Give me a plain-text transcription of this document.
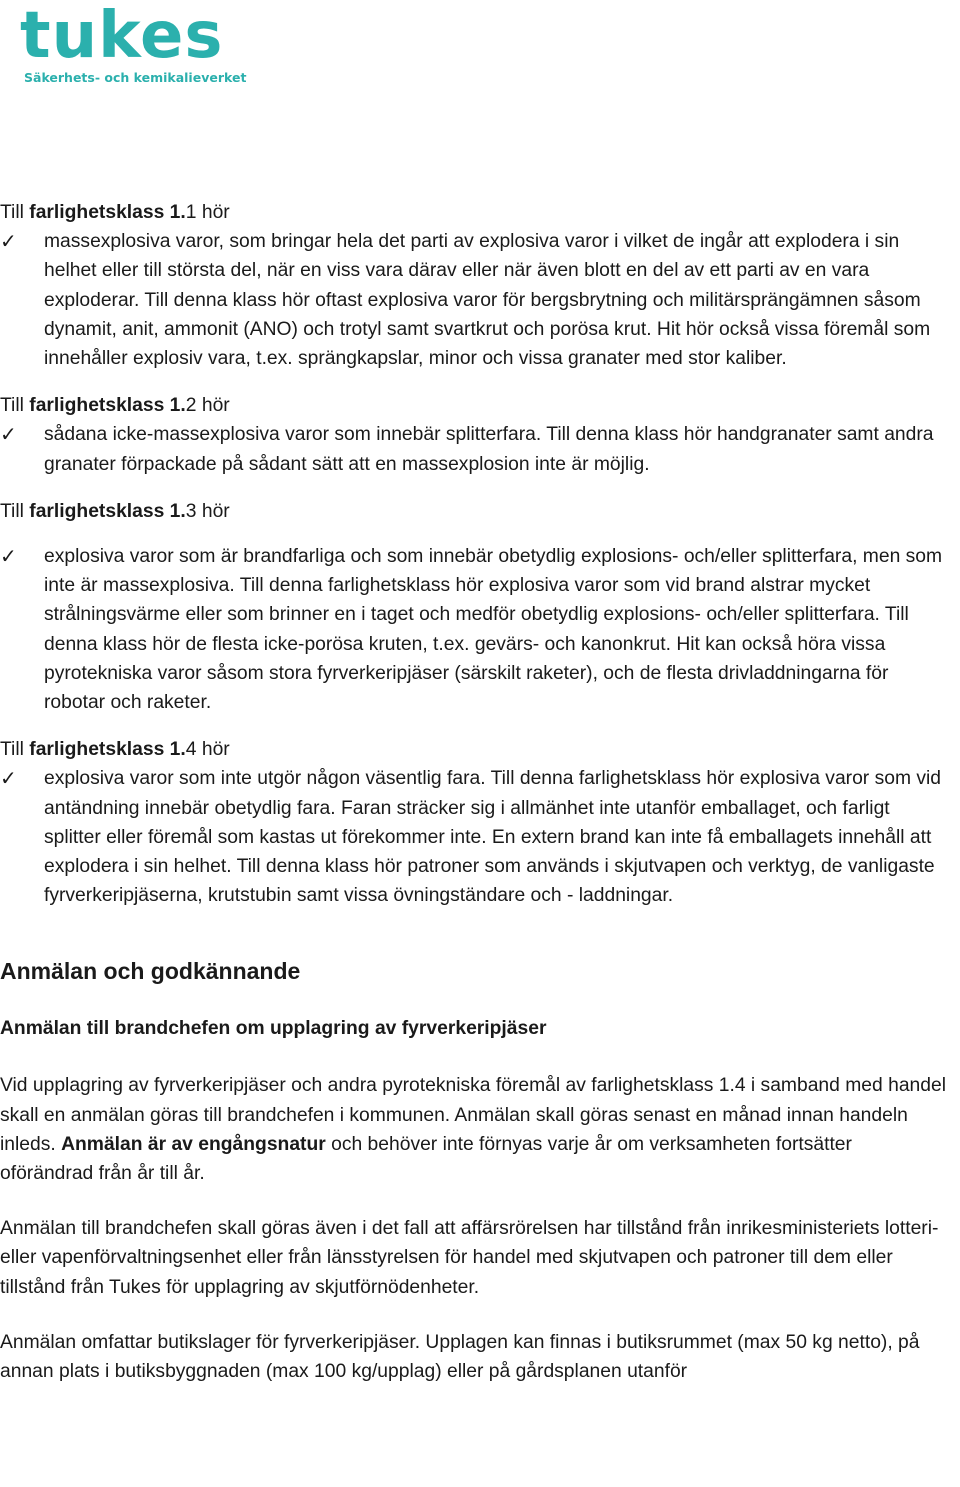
tukes
Säkerhets- och kemikalieverket

Till farlighetsklass 1.1 hör

✓	massexplosiva varor, som bringar hela det parti av explosiva varor i vilket de ingår att explodera i sin helhet eller till största del, när en viss vara därav eller när även blott en del av ett parti av en vara exploderar. Till denna klass hör oftast explosiva varor för bergsbrytning och militärsprängämnen såsom dynamit, anit, ammonit (ANO) och trotyl samt svartkrut och porösa krut. Hit hör också vissa föremål som innehåller explosiv vara, t.ex. sprängkapslar, minor och vissa granater med stor kaliber.

Till farlighetsklass 1.2 hör

✓	sådana icke-massexplosiva varor som innebär splitterfara. Till denna klass hör handgranater samt andra granater förpackade på sådant sätt att en massexplosion inte är möjlig.

Till farlighetsklass 1.3 hör

✓	explosiva varor som är brandfarliga och som innebär obetydlig explosions- och/eller splitterfara, men som inte är massexplosiva. Till denna farlighetsklass hör explosiva varor som vid brand alstrar mycket strålningsvärme eller som brinner en i taget och medför obetydlig explosions- och/eller splitterfara. Till denna klass hör de flesta icke-porösa kruten, t.ex. gevärs- och kanonkrut. Hit kan också höra vissa pyrotekniska varor såsom stora fyrverkeripjäser (särskilt raketer), och de flesta drivladdningarna för robotar och raketer.

Till farlighetsklass 1.4 hör

✓	explosiva varor som inte utgör någon väsentlig fara. Till denna farlighetsklass hör explosiva varor som vid antändning innebär obetydlig fara. Faran sträcker sig i allmänhet inte utanför emballaget, och farligt splitter eller föremål som kastas ut förekommer inte. En extern brand kan inte få emballagets innehåll att explodera i sin helhet. Till denna klass hör patroner som används i skjutvapen och verktyg, de vanligaste fyrverkeripjäserna, krutstubin samt vissa övningständare och - laddningar.
Anmälan och godkännande
Anmälan till brandchefen om upplagring av fyrverkeripjäser

Vid upplagring av fyrverkeripjäser och andra pyrotekniska föremål av farlighetsklass 1.4 i samband med handel skall en anmälan göras till brandchefen i kommunen. Anmälan skall göras senast en månad innan handeln inleds. Anmälan är av engångsnatur och behöver inte förnyas varje år om verksamheten fortsätter oförändrad från år till år.

Anmälan till brandchefen skall göras även i det fall att affärsrörelsen har tillstånd från inrikesministeriets lotteri- eller vapenförvaltningsenhet eller från länsstyrelsen för handel med skjutvapen och patroner till dem eller tillstånd från Tukes för upplagring av skjutförnödenheter.

Anmälan omfattar butikslager för fyrverkeripjäser. Upplagen kan finnas i butiksrummet (max 50 kg netto), på annan plats i butiksbyggnaden (max 100 kg/upplag) eller på gårdsplanen utanför
